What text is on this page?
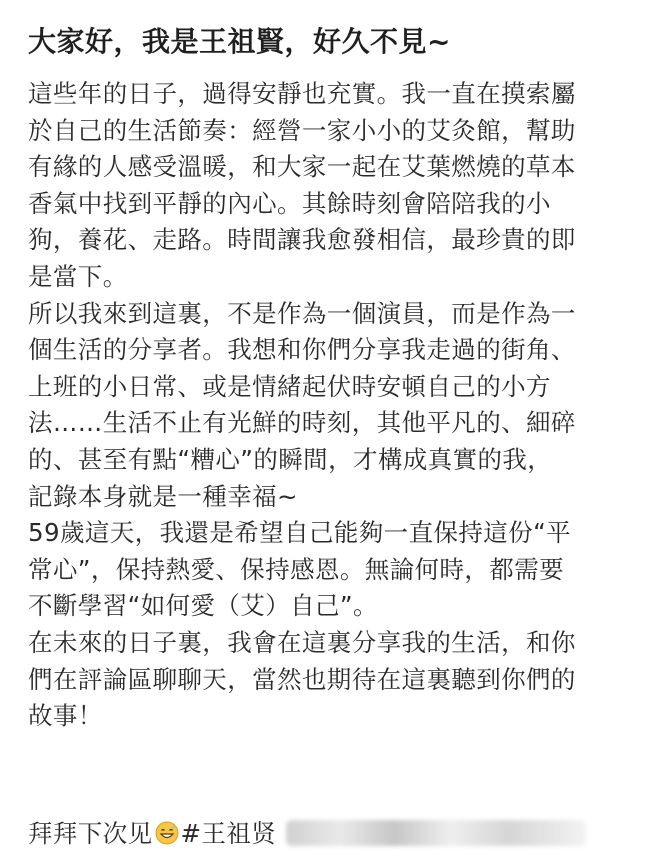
大家好，我是王祖賢，好久不見~

這些年的日子，過得安靜也充實。我一直在摸索屬
於自己的生活節奏：經營一家小小的艾灸館，幫助
有緣的人感受溫暖，和大家一起在艾葉燃燒的草本
香氣中找到平靜的內心。其餘時刻會陪陪我的小
狗，養花、走路。時間讓我愈發相信，最珍貴的即
是當下。

所以我來到這裏，不是作為一個演員，而是作為一
個生活的分享者。我想和你們分享我走過的街角、
上班的小日常、或是情緒起伏時安頓自己的小方
法……生活不止有光鮮的時刻，其他平凡的、細碎
的、甚至有點“糟心”的瞬間，才構成真實的我，
記錄本身就是一種幸福~

59歲這天，我還是希望自己能夠一直保持這份“平
常心”，保持熱愛、保持感恩。無論何時，都需要
不斷學習“如何愛（艾）自己”。

在未來的日子裏，我會在這裏分享我的生活，和你
們在評論區聊聊天，當然也期待在這裏聽到你們的
故事！

拜拜下次见 #王祖贤
